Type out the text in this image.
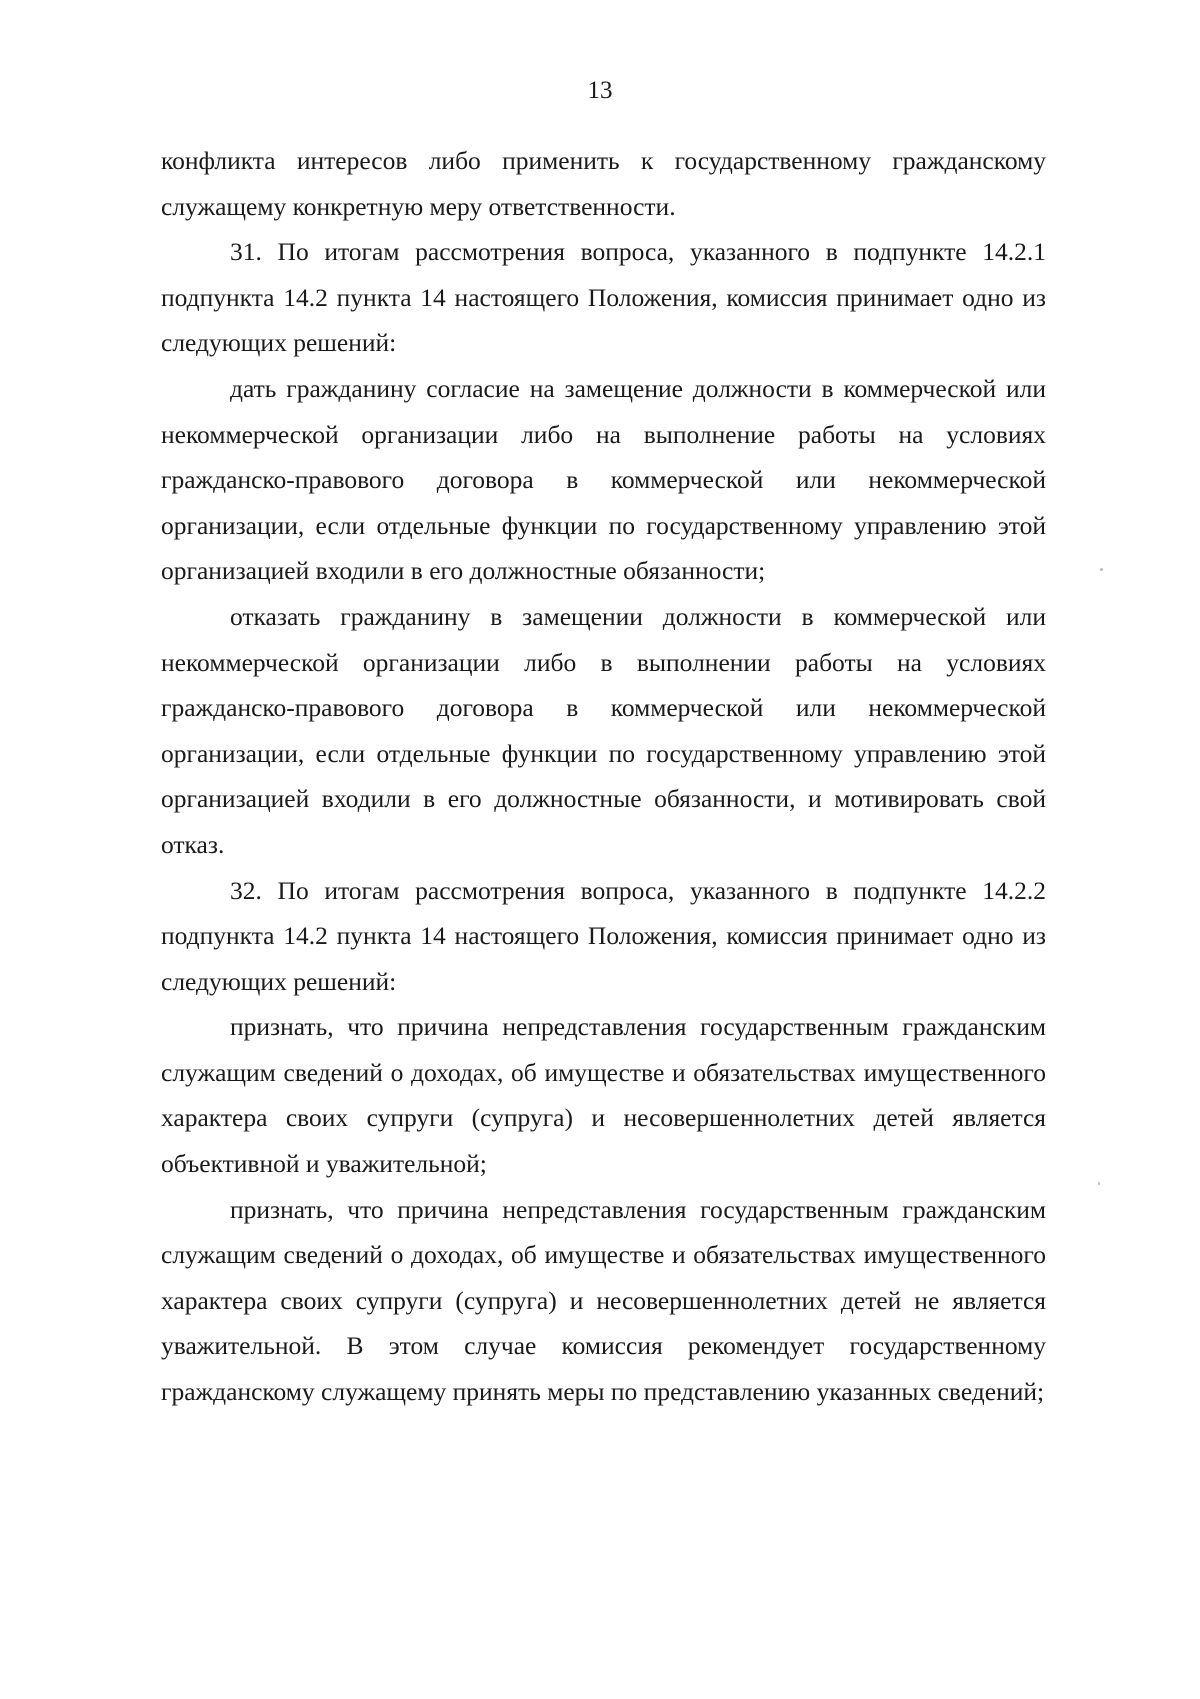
13

конфликта интересов либо применить к государственному гражданскому служащему конкретную меру ответственности.

31. По итогам рассмотрения вопроса, указанного в подпункте 14.2.1 подпункта 14.2 пункта 14 настоящего Положения, комиссия принимает одно из следующих решений:

дать гражданину согласие на замещение должности в коммерческой или некоммерческой организации либо на выполнение работы на условиях гражданско-правового договора в коммерческой или некоммерческой организации, если отдельные функции по государственному управлению этой организацией входили в его должностные обязанности;

отказать гражданину в замещении должности в коммерческой или некоммерческой организации либо в выполнении работы на условиях гражданско-правового договора в коммерческой или некоммерческой организации, если отдельные функции по государственному управлению этой организацией входили в его должностные обязанности, и мотивировать свой отказ.

32. По итогам рассмотрения вопроса, указанного в подпункте 14.2.2 подпункта 14.2 пункта 14 настоящего Положения, комиссия принимает одно из следующих решений:

признать, что причина непредставления государственным гражданским служащим сведений о доходах, об имуществе и обязательствах имущественного характера своих супруги (супруга) и несовершеннолетних детей является объективной и уважительной;

признать, что причина непредставления государственным гражданским служащим сведений о доходах, об имуществе и обязательствах имущественного характера своих супруги (супруга) и несовершеннолетних детей не является уважительной. В этом случае комиссия рекомендует государственному гражданскому служащему принять меры по представлению указанных сведений;
